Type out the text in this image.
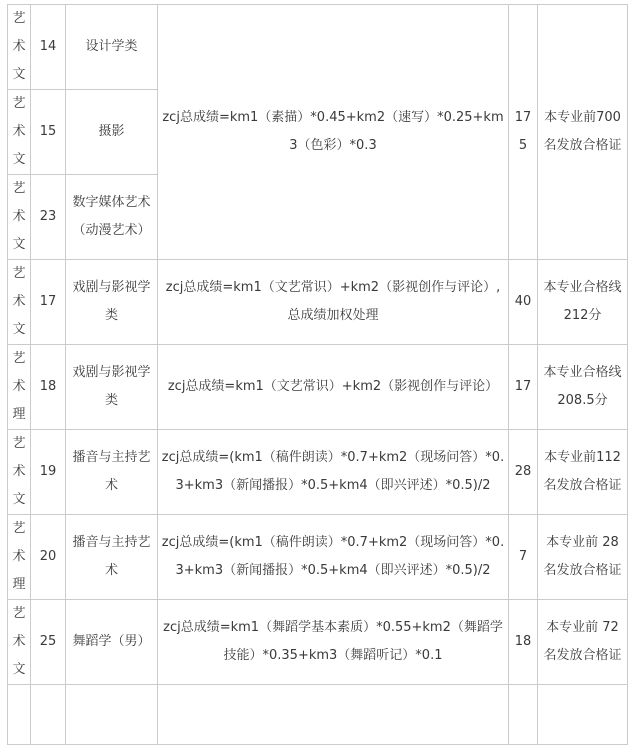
艺术文	14	设计学类	zcj总成绩=km1（素描）*0.45+km2（速写）*0.25+km3（色彩）*0.3	175	本专业前700名发放合格证
艺术文	15	摄影			
艺术文	23	数字媒体艺术（动漫艺术）			
艺术文	17	戏剧与影视学类	zcj总成绩=km1（文艺常识）+km2（影视创作与评论）,总成绩加权处理	40	本专业合格线212分
艺术理	18	戏剧与影视学类	zcj总成绩=km1（文艺常识）+km2（影视创作与评论）	17	本专业合格线208.5分
艺术文	19	播音与主持艺术	zcj总成绩=(km1（稿件朗读）*0.7+km2（现场问答）*0.3+km3（新闻播报）*0.5+km4（即兴评述）*0.5)/2	28	本专业前112名发放合格证
艺术理	20	播音与主持艺术	zcj总成绩=(km1（稿件朗读）*0.7+km2（现场问答）*0.3+km3（新闻播报）*0.5+km4（即兴评述）*0.5)/2	7	本专业前 28名发放合格证
艺术文	25	舞蹈学（男）	zcj总成绩=km1（舞蹈学基本素质）*0.55+km2（舞蹈学技能）*0.35+km3（舞蹈听记）*0.1	18	本专业前 72名发放合格证
